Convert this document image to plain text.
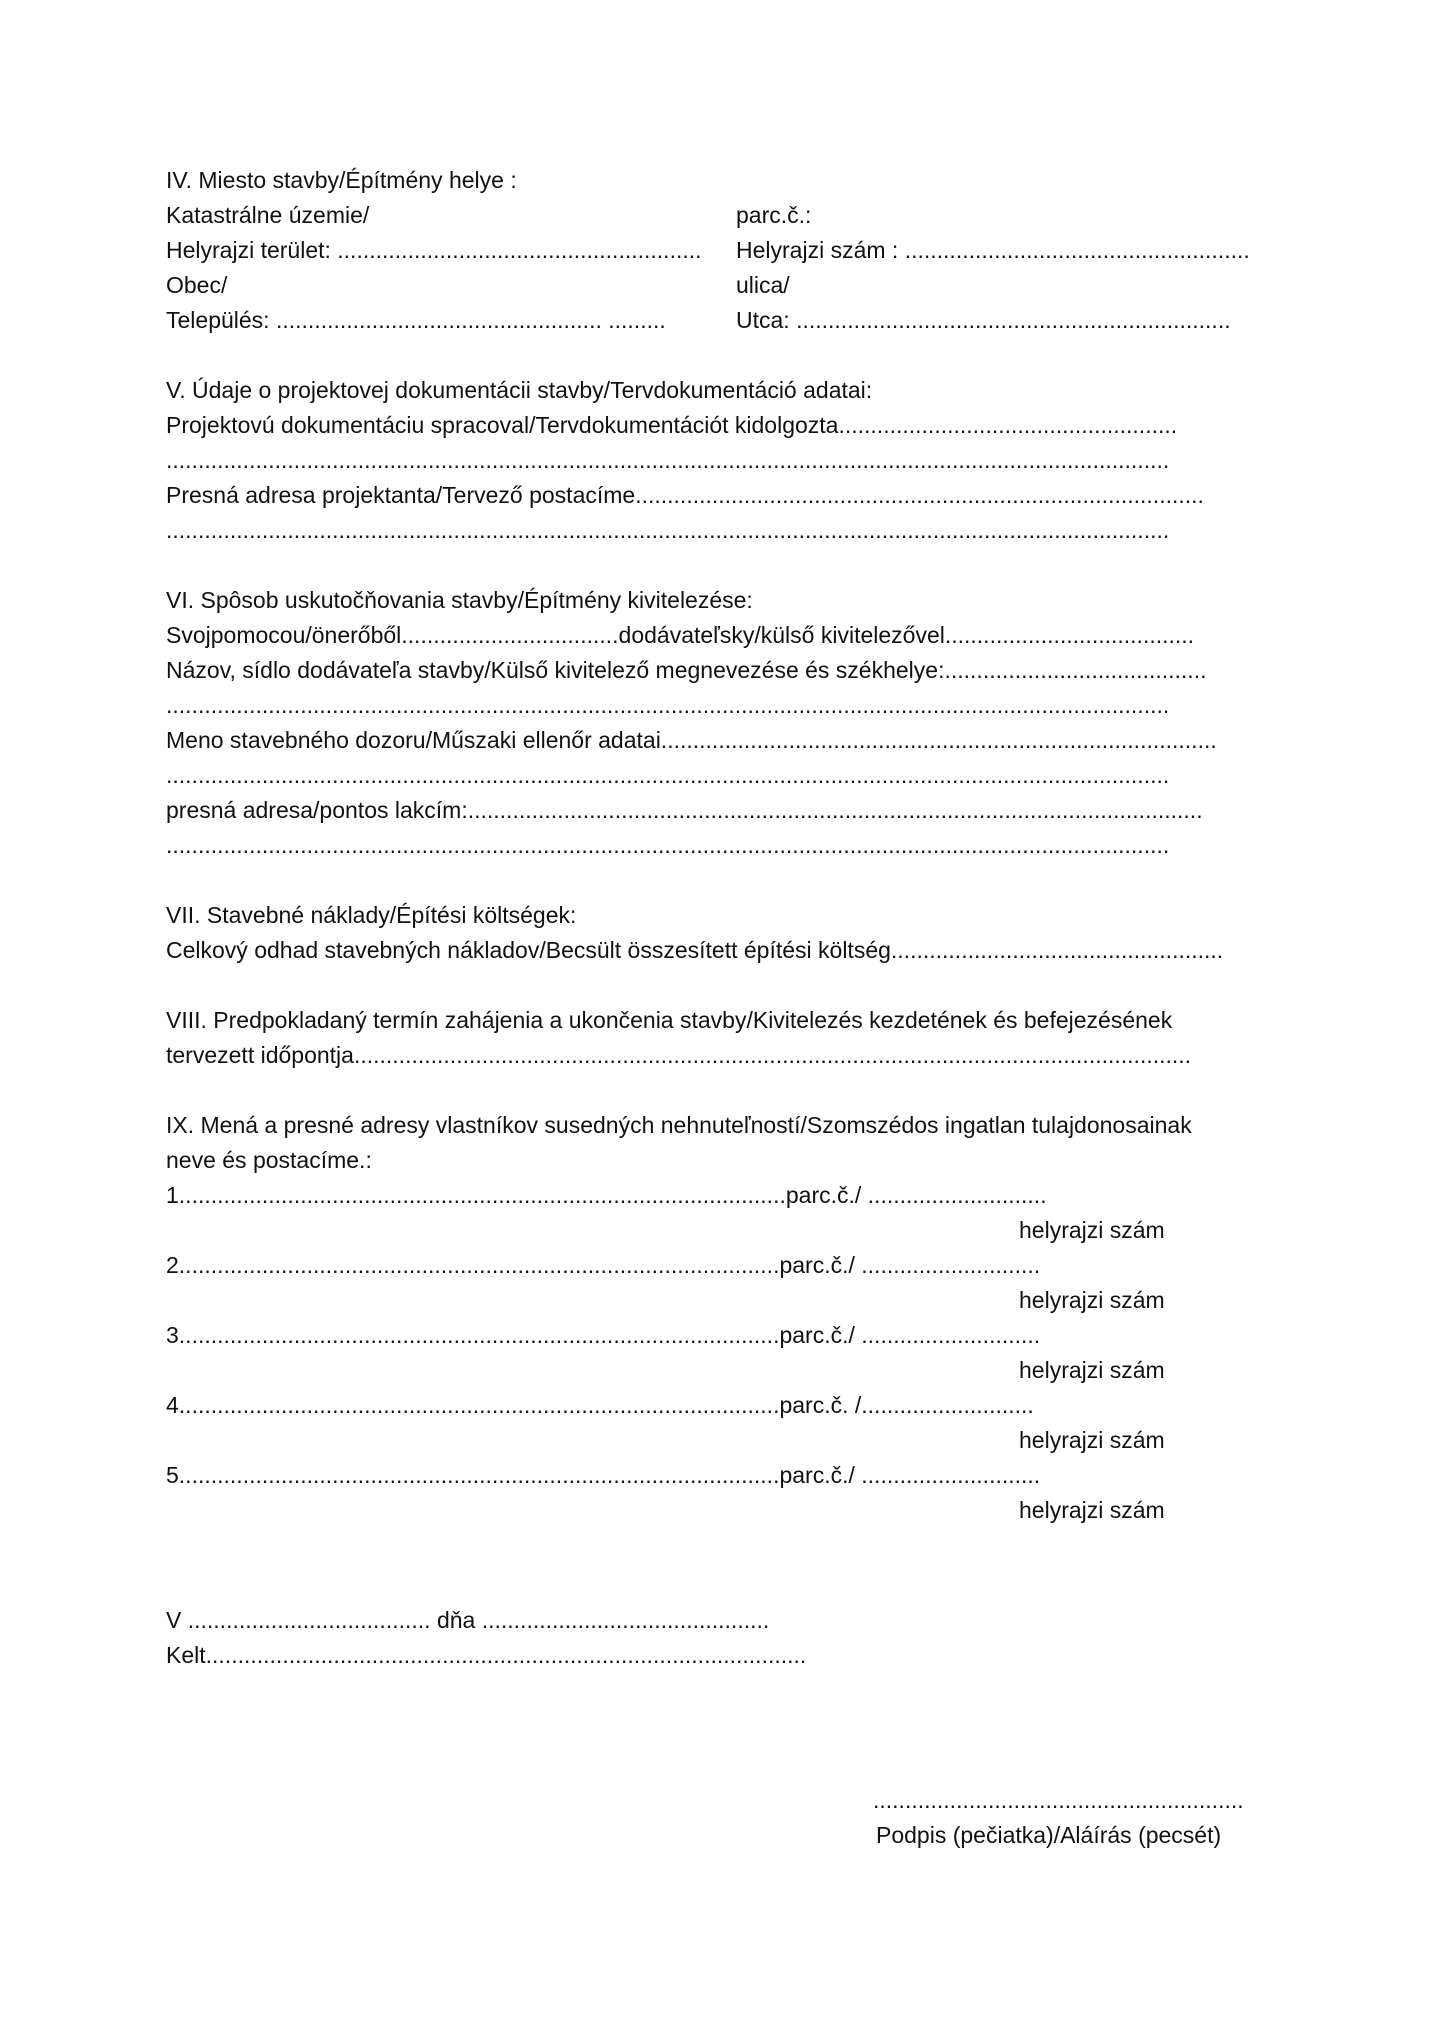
IV. Miesto stavby/Építmény helye :
Katastrálne územie/	parc.č.:
Helyrajzi terület: ......................................................... Helyrajzi szám : ......................................................
Obec/	ulica/
Település: ................................................... .........	Utca: ....................................................................
V. Údaje o projektovej dokumentácii stavby/Tervdokumentáció adatai:
Projektovú dokumentáciu spracoval/Tervdokumentációt kidolgozta.....................................................
.............................................................................................................................................................
Presná adresa projektanta/Tervező postacíme.........................................................................................
.............................................................................................................................................................
VI. Spôsob uskutočňovania stavby/Építmény kivitelezése:
Svojpomocou/önerőből..................................dodávateľsky/külső kivitelezővel.......................................
Názov, sídlo dodávateľa stavby/Külső kivitelező megnevezése és székhelye:.........................................
.............................................................................................................................................................
Meno stavebného dozoru/Műszaki ellenőr adatai.......................................................................................
.............................................................................................................................................................
presná adresa/pontos lakcím:...................................................................................................................
.............................................................................................................................................................
VII. Stavebné náklady/Építési költségek:
Celkový odhad stavebných nákladov/Becsült összesített építési költség....................................................
VIII. Predpokladaný termín zahájenia a ukončenia stavby/Kivitelezés kezdetének és befejezésének
tervezett időpontja...................................................................................................................................
IX. Mená a presné adresy vlastníkov susedných nehnuteľností/Szomszédos ingatlan tulajdonosainak
neve és postacíme.:
1...............................................................................................parc.č./ ............................
helyrajzi szám
2..............................................................................................parc.č./ ............................
helyrajzi szám
3..............................................................................................parc.č./ ............................
helyrajzi szám
4..............................................................................................parc.č. /...........................
helyrajzi szám
5..............................................................................................parc.č./ ............................
helyrajzi szám
V ...................................... dňa .............................................
Kelt..............................................................................................
..........................................................
Podpis (pečiatka)/Aláírás (pecsét)
